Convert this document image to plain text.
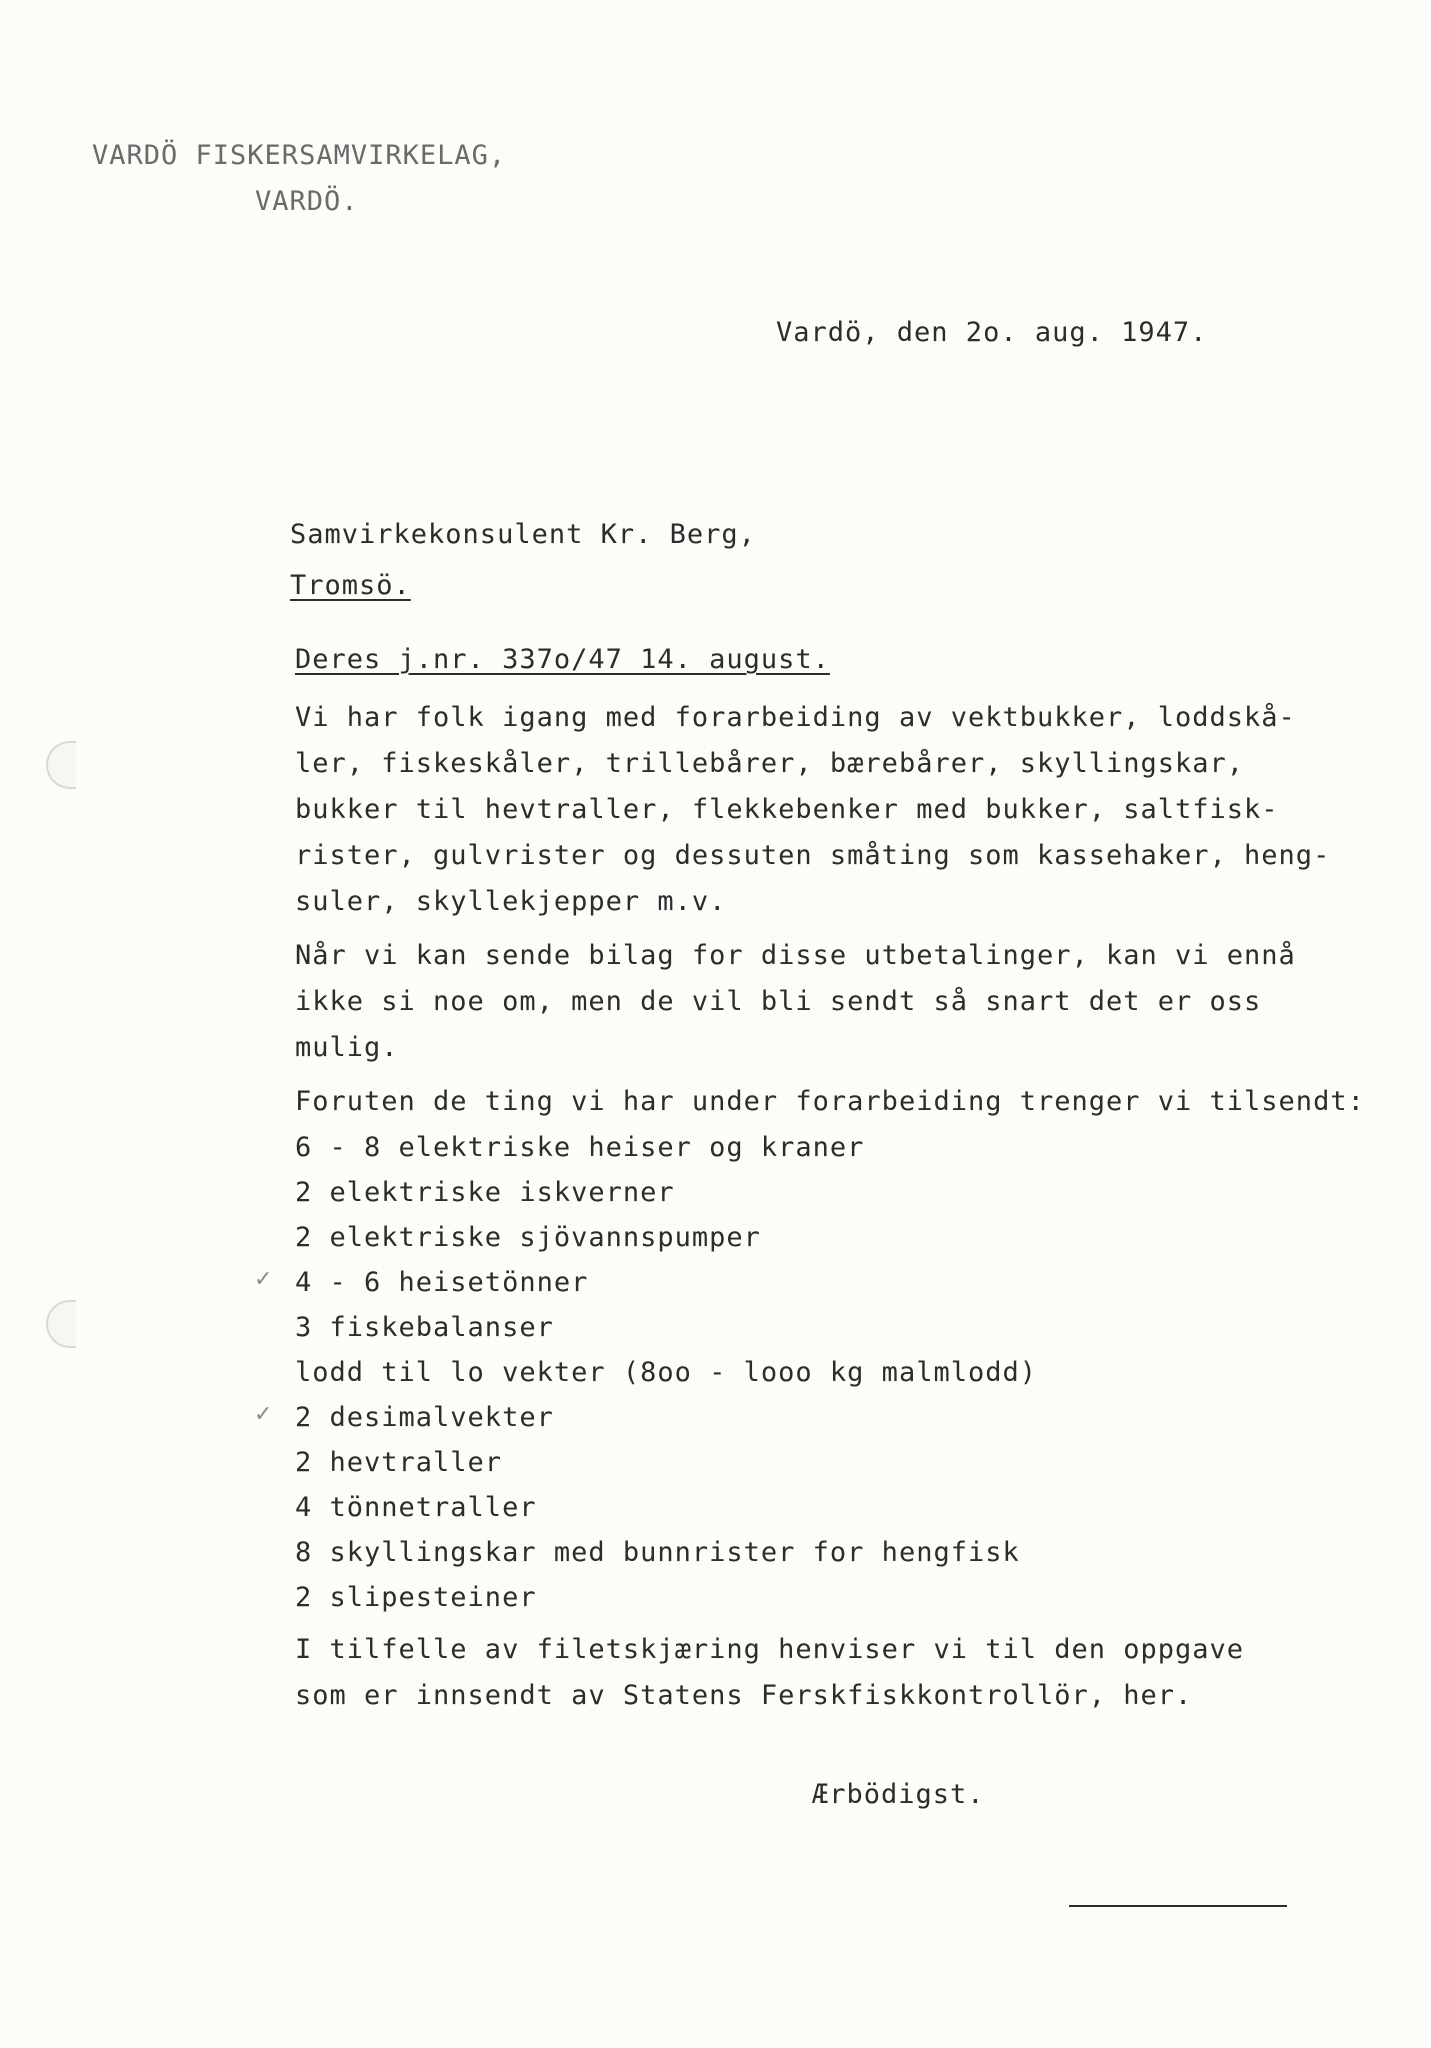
VARDÖ FISKERSAMVIRKELAG,
VARDÖ.
Vardö, den 2o. aug. 1947.
Samvirkekonsulent Kr. Berg,
Tromsö.
Deres j.nr. 337o/47 14. august.
Vi har folk igang med forarbeiding av vektbukker, loddskå-
ler, fiskeskåler, trillebårer, bærebårer, skyllingskar,
bukker til hevtraller, flekkebenker med bukker, saltfisk-
rister, gulvrister og dessuten småting som kassehaker, heng-
suler, skyllekjepper m.v.
Når vi kan sende bilag for disse utbetalinger, kan vi ennå
ikke si noe om, men de vil bli sendt så snart det er oss
mulig.
Foruten de ting vi har under forarbeiding trenger vi tilsendt:
6 - 8 elektriske heiser og kraner
2 elektriske iskverner
2 elektriske sjövannspumper
✓ 4 - 6 heisetönner
3 fiskebalanser
lodd til lo vekter (8oo - looo kg malmlodd)
✓ 2 desimalvekter
2 hevtraller
4 tönnetraller
8 skyllingskar med bunnrister for hengfisk
2 slipesteiner
I tilfelle av filetskjæring henviser vi til den oppgave
som er innsendt av Statens Ferskfiskkontrollör, her.
Ærbödigst.
